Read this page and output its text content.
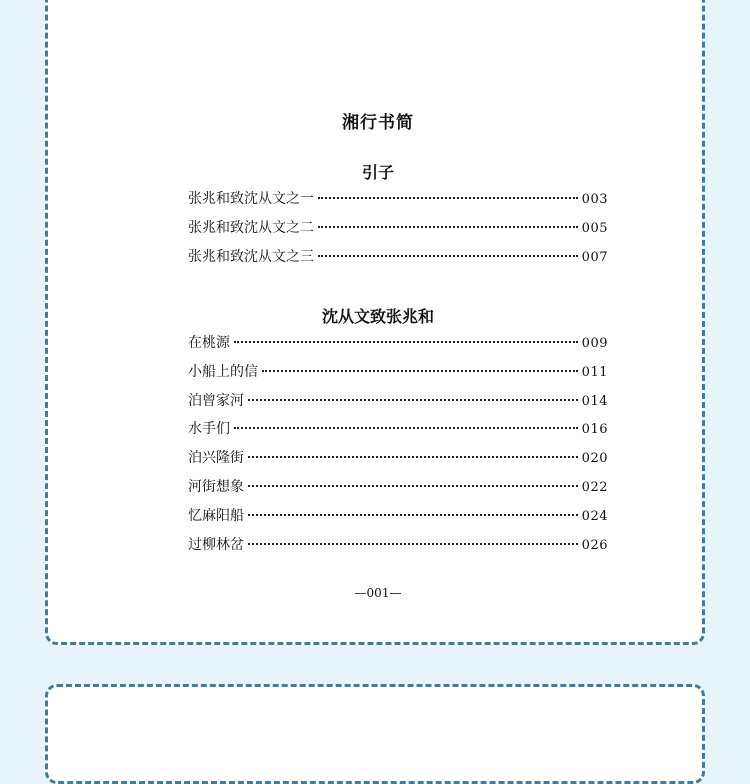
湘行书简
引子
张兆和致沈从文之一	003
张兆和致沈从文之二	005
张兆和致沈从文之三	007
沈从文致张兆和
在桃源	009
小船上的信	011
泊曾家河	014
水手们	016
泊兴隆街	020
河街想象	022
忆麻阳船	024
过柳林岔	026

—001—
